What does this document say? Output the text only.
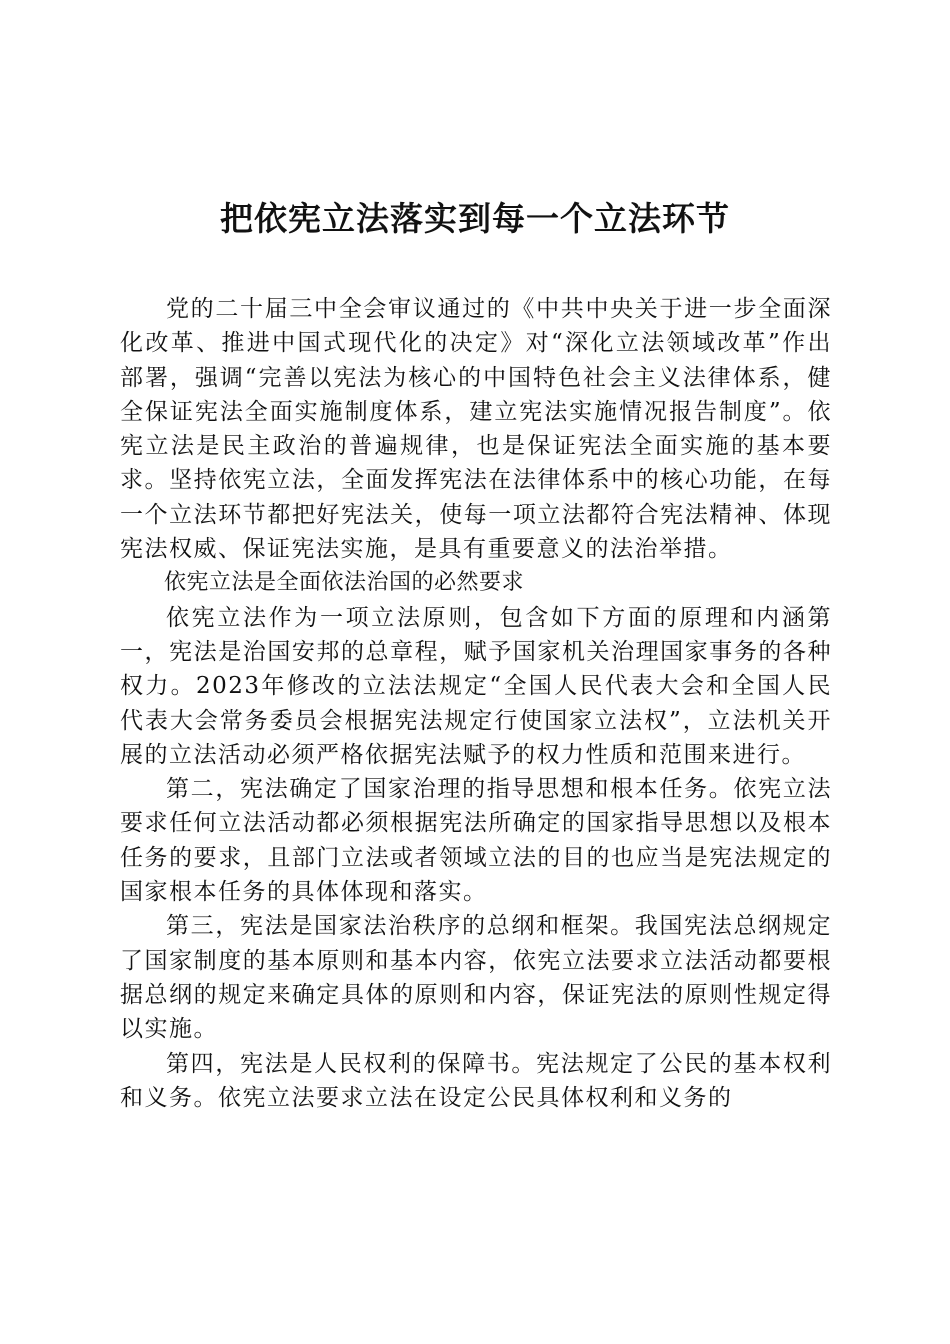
把依宪立法落实到每一个立法环节

党的二十届三中全会审议通过的《中共中央关于进一步全面深化改革、推进中国式现代化的决定》对“深化立法领域改革”作出部署，强调“完善以宪法为核心的中国特色社会主义法律体系，健全保证宪法全面实施制度体系，建立宪法实施情况报告制度”。依宪立法是民主政治的普遍规律，也是保证宪法全面实施的基本要求。坚持依宪立法，全面发挥宪法在法律体系中的核心功能，在每一个立法环节都把好宪法关，使每一项立法都符合宪法精神、体现宪法权威、保证宪法实施，是具有重要意义的法治举措。

依宪立法是全面依法治国的必然要求

依宪立法作为一项立法原则，包含如下方面的原理和内涵第一，宪法是治国安邦的总章程，赋予国家机关治理国家事务的各种权力。2023年修改的立法法规定“全国人民代表大会和全国人民代表大会常务委员会根据宪法规定行使国家立法权”，立法机关开展的立法活动必须严格依据宪法赋予的权力性质和范围来进行。

第二，宪法确定了国家治理的指导思想和根本任务。依宪立法要求任何立法活动都必须根据宪法所确定的国家指导思想以及根本任务的要求，且部门立法或者领域立法的目的也应当是宪法规定的国家根本任务的具体体现和落实。

第三，宪法是国家法治秩序的总纲和框架。我国宪法总纲规定了国家制度的基本原则和基本内容，依宪立法要求立法活动都要根据总纲的规定来确定具体的原则和内容，保证宪法的原则性规定得以实施。

第四，宪法是人民权利的保障书。宪法规定了公民的基本权利和义务。依宪立法要求立法在设定公民具体权利和义务的
